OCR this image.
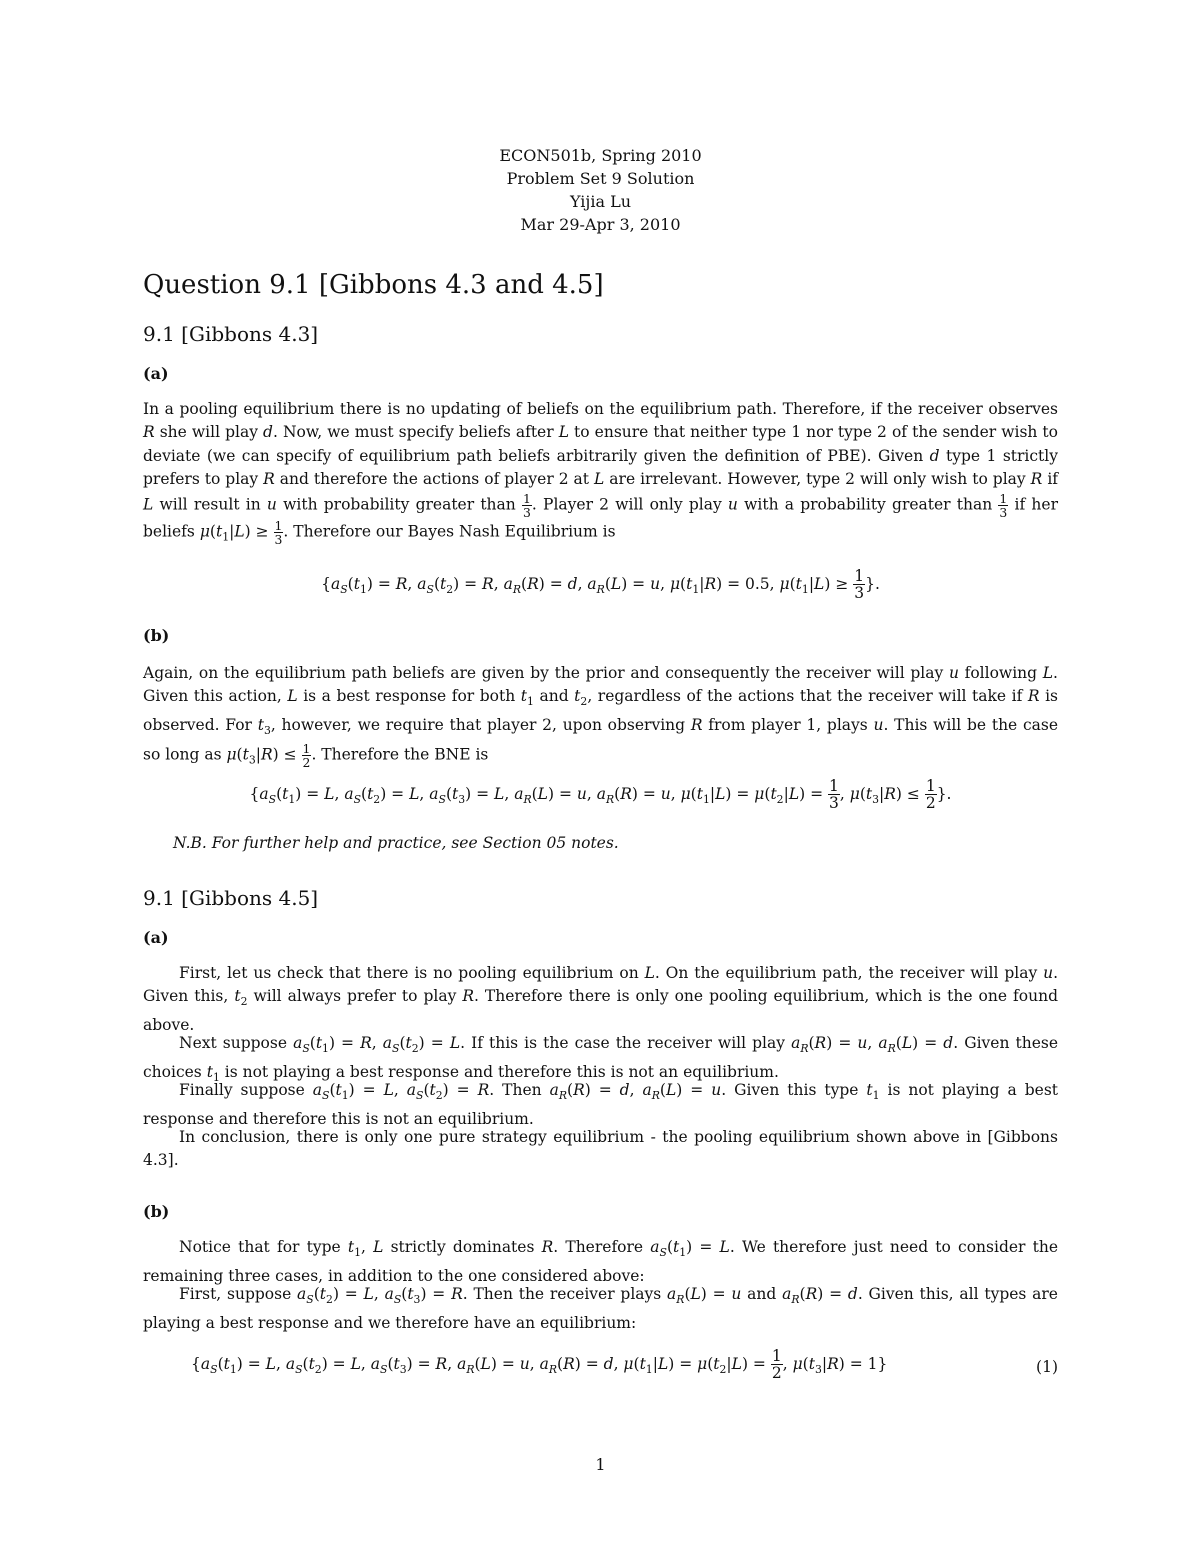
ECON501b, Spring 2010
Problem Set 9 Solution
Yijia Lu
Mar 29-Apr 3, 2010
Question 9.1 [Gibbons 4.3 and 4.5]
9.1 [Gibbons 4.3]
(a)
In a pooling equilibrium there is no updating of beliefs on the equilibrium path. Therefore, if the receiver observes R she will play d. Now, we must specify beliefs after L to ensure that neither type 1 nor type 2 of the sender wish to deviate (we can specify of equilibrium path beliefs arbitrarily given the definition of PBE). Given d type 1 strictly prefers to play R and therefore the actions of player 2 at L are irrelevant. However, type 2 will only wish to play R if L will result in u with probability greater than $\frac{1}{3}$ . Player 2 will only play u with a probability greater than $\frac{1}{3}$ if her beliefs $\mu(t_1|L) \ge \frac{1}{3}$ . Therefore our Bayes Nash Equilibrium is
{$a_S(t_1) = R$, $a_S(t_2) = R$, $a_R(R) = d$, $a_R(L) = u$, $\mu(t_1|R) = 0.5$, $\mu(t_1|L) \ge \frac{1}{3}$ }.
(b)
Again, on the equilibrium path beliefs are given by the prior and consequently the receiver will play u following L. Given this action, L is a best response for both $t_1$ and $t_2$, regardless of the actions that the receiver will take if R is observed. For $t_3$, however, we require that player 2, upon observing R from player 1, plays u. This will be the case so long as $\mu(t_3|R) \le \frac{1}{2}$ . Therefore the BNE is
{$a_S(t_1) = L$, $a_S(t_2) = L$, $a_S(t_3) = L$, $a_R(L) = u$, $a_R(R) = u$, $\mu(t_1|L) = \mu(t_2|L) = \frac{1}{3}$ , $\mu(t_3|R) \le \frac{1}{2}$ }.
N.B. For further help and practice, see Section 05 notes.
9.1 [Gibbons 4.5]
(a)
First, let us check that there is no pooling equilibrium on L. On the equilibrium path, the receiver will play u. Given this, $t_2$ will always prefer to play R. Therefore there is only one pooling equilibrium, which is the one found above.
Next suppose $a_S(t_1) = R$, $a_S(t_2) = L$. If this is the case the receiver will play $a_R(R) = u$, $a_R(L) = d$. Given these choices $t_1$ is not playing a best response and therefore this is not an equilibrium.
Finally suppose $a_S(t_1) = L$, $a_S(t_2) = R$. Then $a_R(R) = d$, $a_R(L) = u$. Given this type $t_1$ is not playing a best response and therefore this is not an equilibrium.
In conclusion, there is only one pure strategy equilibrium - the pooling equilibrium shown above in [Gibbons 4.3].
(b)
Notice that for type $t_1$, L strictly dominates R. Therefore $a_S(t_1) = L$. We therefore just need to consider the remaining three cases, in addition to the one considered above:
First, suppose $a_S(t_2) = L$, $a_S(t_3) = R$. Then the receiver plays $a_R(L) = u$ and $a_R(R) = d$. Given this, all types are playing a best response and we therefore have an equilibrium:
{$a_S(t_1) = L$, $a_S(t_2) = L$, $a_S(t_3) = R$, $a_R(L) = u$, $a_R(R) = d$, $\mu(t_1|L) = \mu(t_2|L) = \frac{1}{2}$ , $\mu(t_3|R) = 1$}	(1)
1
